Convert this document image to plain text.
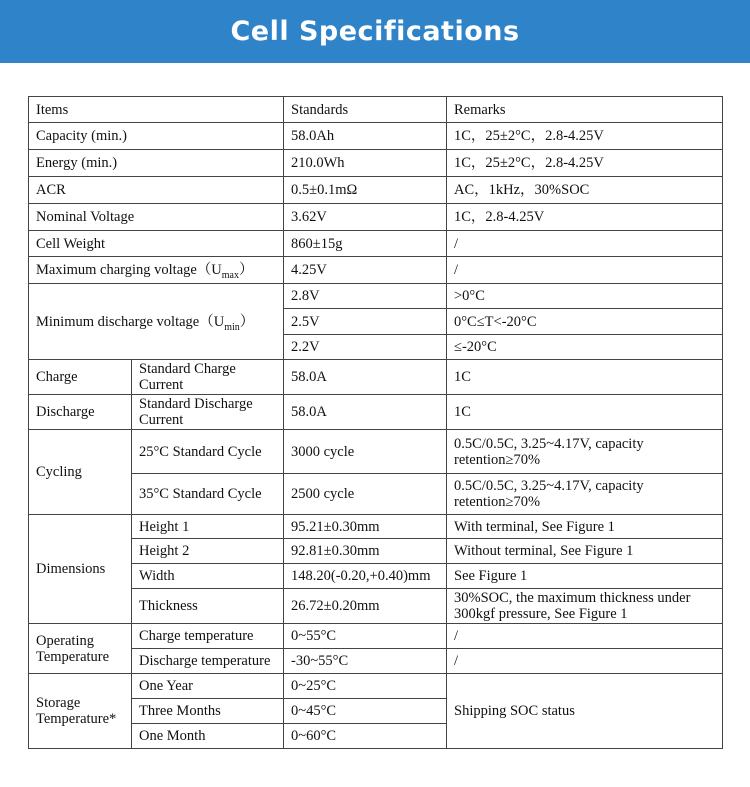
Cell Specifications
Items		Standards	Remarks
Capacity (min.)		58.0Ah	1C，25±2°C，2.8-4.25V
Energy (min.)		210.0Wh	1C，25±2°C，2.8-4.25V
ACR		0.5±0.1mΩ	AC，1kHz，30%SOC
Nominal Voltage		3.62V	1C，2.8-4.25V
Cell Weight		860±15g	/
Maximum charging $voltage(U_{max})$		4.25V	/
Minimum discharge $voltage(U_{min})$		2.8V	>0°C
		2.5V	0°C≤T<-20°C
		2.2V	≤-20°C
Charge	Standard Charge Current	58.0A	1C
Discharge	Standard Discharge Current	58.0A	1C
Cycling	25°C Standard Cycle	3000 cycle	0.5C/0.5C, 3.25~4.17V, capacity retention≥70%
	35°C Standard Cycle	2500 cycle	0.5C/0.5C, 3.25~4.17V, capacity retention≥70%
Dimensions	Height 1	95.21±0.30mm	With terminal, See Figure 1
	Height 2	92.81±0.30mm	Without terminal, See Figure 1
	Width	148.20(-0.20,+0.40)mm	See Figure 1
	Thickness	26.72±0.20mm	30%SOC, the maximum thickness under 300kgf pressure, See Figure 1
Operating Temperature	Charge temperature	0~55°C	/
	Discharge temperature	-30~55°C	/
Storage Temperature*	One Year	0~25°C	Shipping SOC status
	Three Months	0~45°C	
	One Month	0~60°C	
